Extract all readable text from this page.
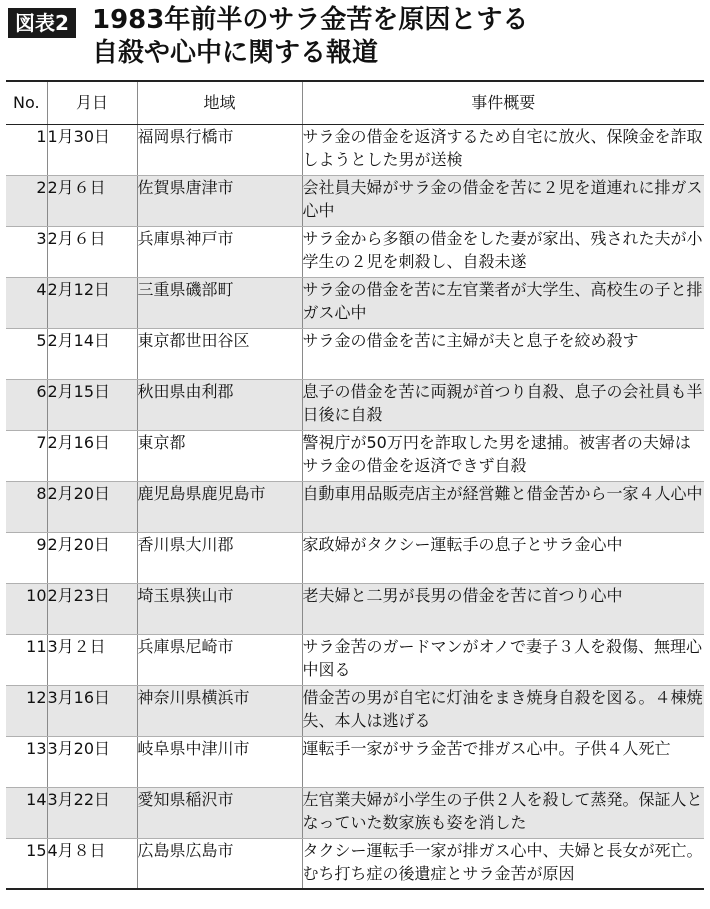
図表2 1983年前半のサラ金苦を原因とする
自殺や心中に関する報道
No.	月日	地域	事件概要
1	1月30日	福岡県行橋市	サラ金の借金を返済するため自宅に放火、保険金を詐取しようとした男が送検
2	2月６日	佐賀県唐津市	会社員夫婦がサラ金の借金を苦に２児を道連れに排ガス心中
3	2月６日	兵庫県神戸市	サラ金から多額の借金をした妻が家出、残された夫が小学生の２児を刺殺し、自殺未遂
4	2月12日	三重県磯部町	サラ金の借金を苦に左官業者が大学生、高校生の子と排ガス心中
5	2月14日	東京都世田谷区	サラ金の借金を苦に主婦が夫と息子を絞め殺す
6	2月15日	秋田県由利郡	息子の借金を苦に両親が首つり自殺、息子の会社員も半日後に自殺
7	2月16日	東京都	警視庁が50万円を詐取した男を逮捕。被害者の夫婦はサラ金の借金を返済できず自殺
8	2月20日	鹿児島県鹿児島市	自動車用品販売店主が経営難と借金苦から一家４人心中
9	2月20日	香川県大川郡	家政婦がタクシー運転手の息子とサラ金心中
10	2月23日	埼玉県狭山市	老夫婦と二男が長男の借金を苦に首つり心中
11	3月２日	兵庫県尼崎市	サラ金苦のガードマンがオノで妻子３人を殺傷、無理心中図る
12	3月16日	神奈川県横浜市	借金苦の男が自宅に灯油をまき焼身自殺を図る。４棟焼失、本人は逃げる
13	3月20日	岐阜県中津川市	運転手一家がサラ金苦で排ガス心中。子供４人死亡
14	3月22日	愛知県稲沢市	左官業夫婦が小学生の子供２人を殺して蒸発。保証人となっていた数家族も姿を消した
15	4月８日	広島県広島市	タクシー運転手一家が排ガス心中、夫婦と長女が死亡。むち打ち症の後遺症とサラ金苦が原因
